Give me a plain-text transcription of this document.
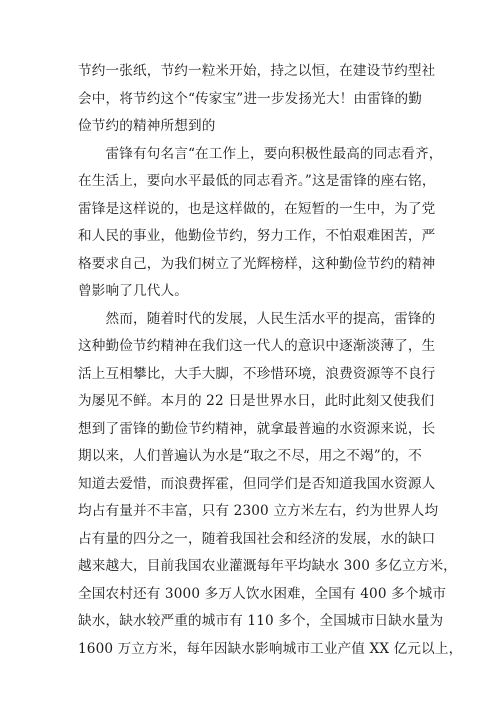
节约一张纸，节约一粒米开始，持之以恒，在建设节约型社
会中，将节约这个“传家宝”进一步发扬光大！由雷锋的勤
俭节约的精神所想到的
　　雷锋有句名言“在工作上，要向积极性最高的同志看齐，
在生活上，要向水平最低的同志看齐。”这是雷锋的座右铭，
雷锋是这样说的，也是这样做的，在短暂的一生中，为了党
和人民的事业，他勤俭节约，努力工作，不怕艰难困苦，严
格要求自己，为我们树立了光辉榜样，这种勤俭节约的精神
曾影响了几代人。
　　然而，随着时代的发展，人民生活水平的提高，雷锋的
这种勤俭节约精神在我们这一代人的意识中逐渐淡薄了，生
活上互相攀比，大手大脚，不珍惜环境，浪费资源等不良行
为屡见不鲜。本月的 22 日是世界水日，此时此刻又使我们
想到了雷锋的勤俭节约精神，就拿最普遍的水资源来说，长
期以来，人们普遍认为水是“取之不尽，用之不竭”的，不
知道去爱惜，而浪费挥霍，但同学们是否知道我国水资源人
均占有量并不丰富，只有 2300 立方米左右，约为世界人均
占有量的四分之一，随着我国社会和经济的发展，水的缺口
越来越大，目前我国农业灌溉每年平均缺水 300 多亿立方米，
全国农村还有 3000 多万人饮水困难，全国有 400 多个城市
缺水，缺水较严重的城市有 110 多个，全国城市日缺水量为
1600 万立方米，每年因缺水影响城市工业产值 XX 亿元以上，
